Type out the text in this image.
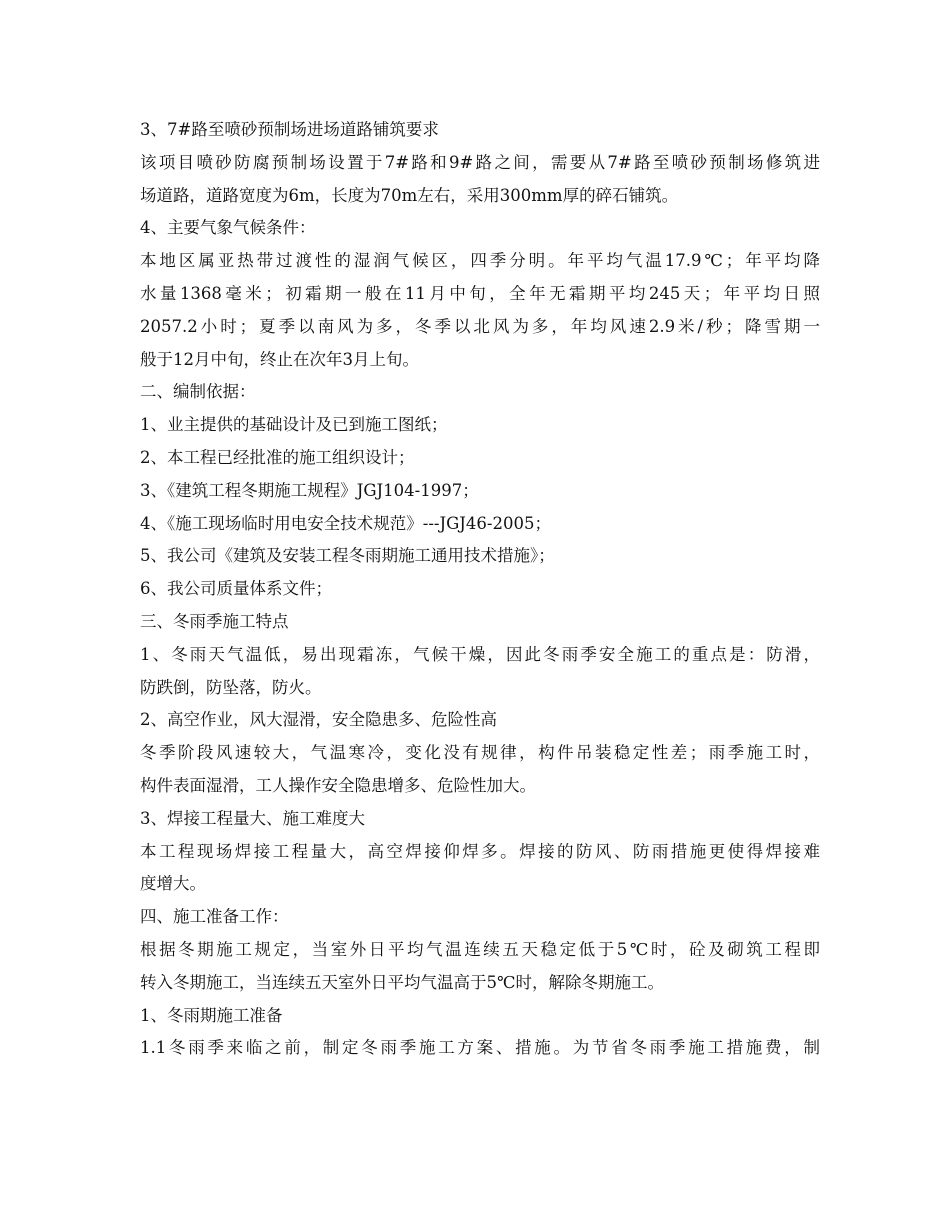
3、7#路至喷砂预制场进场道路铺筑要求

该项目喷砂防腐预制场设置于7#路和9#路之间，需要从7#路至喷砂预制场修筑进

场道路，道路宽度为6m，长度为70m左右，采用300mm厚的碎石铺筑。

4、主要气象气候条件：

本地区属亚热带过渡性的湿润气候区，四季分明。年平均气温17.9℃；年平均降

水量1368毫米；初霜期一般在11月中旬，全年无霜期平均245天；年平均日照

2057.2小时；夏季以南风为多，冬季以北风为多，年均风速2.9米/秒；降雪期一

般于12月中旬，终止在次年3月上旬。

二、编制依据：

1、业主提供的基础设计及已到施工图纸；

2、本工程已经批准的施工组织设计；

3、《建筑工程冬期施工规程》JGJ104-1997；

4、《施工现场临时用电安全技术规范》---JGJ46-2005；

5、我公司《建筑及安装工程冬雨期施工通用技术措施》；

6、我公司质量体系文件；

三、冬雨季施工特点

1、冬雨天气温低，易出现霜冻，气候干燥，因此冬雨季安全施工的重点是：防滑，

防跌倒，防坠落，防火。

2、高空作业，风大湿滑，安全隐患多、危险性高

冬季阶段风速较大，气温寒冷，变化没有规律，构件吊装稳定性差；雨季施工时，

构件表面湿滑，工人操作安全隐患增多、危险性加大。

3、焊接工程量大、施工难度大

本工程现场焊接工程量大，高空焊接仰焊多。焊接的防风、防雨措施更使得焊接难

度增大。

四、施工准备工作：

根据冬期施工规定，当室外日平均气温连续五天稳定低于5℃时，砼及砌筑工程即

转入冬期施工，当连续五天室外日平均气温高于5℃时，解除冬期施工。

1、冬雨期施工准备

1.1冬雨季来临之前，制定冬雨季施工方案、措施。为节省冬雨季施工措施费，制
